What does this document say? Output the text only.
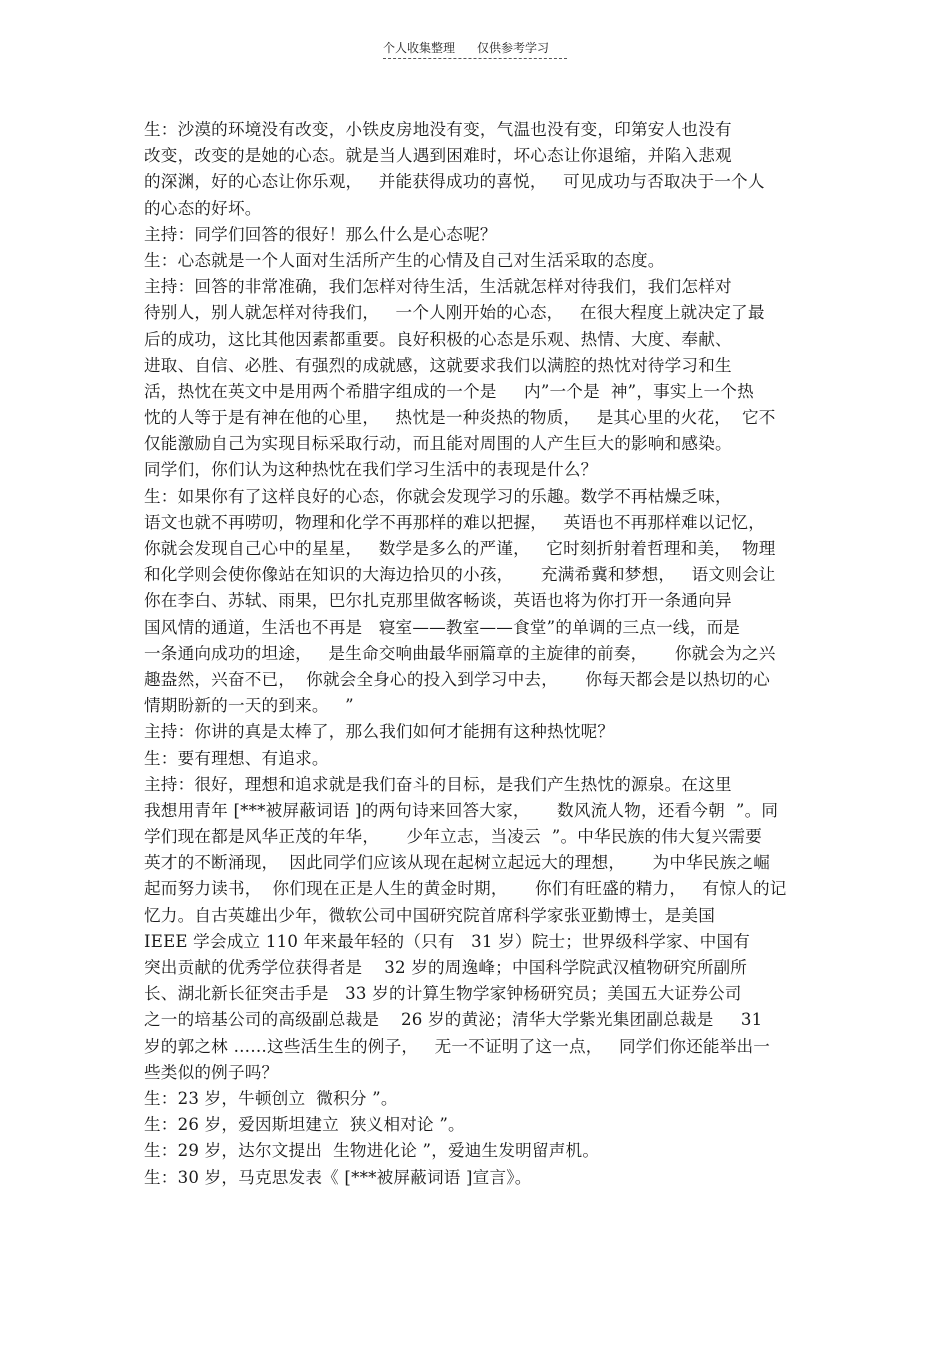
个人收集整理 仅供参考学习
生：沙漠的环境没有改变，小铁皮房地没有变，气温也没有变，印第安人也没有
改变，改变的是她的心态。就是当人遇到困难时，坏心态让你退缩，并陷入悲观
的深渊，好的心态让你乐观，   并能获得成功的喜悦，   可见成功与否取决于一个人
的心态的好坏。
主持：同学们回答的很好！那么什么是心态呢？
生：心态就是一个人面对生活所产生的心情及自己对生活采取的态度。
主持：回答的非常准确，我们怎样对待生活，生活就怎样对待我们，我们怎样对
待别人，别人就怎样对待我们，   一个人刚开始的心态，   在很大程度上就决定了最
后的成功，这比其他因素都重要。良好积极的心态是乐观、热情、大度、奉献、
进取、自信、必胜、有强烈的成就感，这就要求我们以满腔的热忱对待学习和生
活，热忱在英文中是用两个希腊字组成的一个是     内”一个是  神”，事实上一个热
忱的人等于是有神在他的心里，   热忱是一种炎热的物质，   是其心里的火花，  它不
仅能激励自己为实现目标采取行动，而且能对周围的人产生巨大的影响和感染。
同学们，你们认为这种热忱在我们学习生活中的表现是什么？
生：如果你有了这样良好的心态，你就会发现学习的乐趣。数学不再枯燥乏味，
语文也就不再唠叨，物理和化学不再那样的难以把握，   英语也不再那样难以记忆，
你就会发现自己心中的星星，   数学是多么的严谨，   它时刻折射着哲理和美，  物理
和化学则会使你像站在知识的大海边拾贝的小孩，     充满希冀和梦想，   语文则会让
你在李白、苏轼、雨果，巴尔扎克那里做客畅谈，英语也将为你打开一条通向异
国风情的通道，生活也不再是   寝室——教室——食堂”的单调的三点一线，而是
一条通向成功的坦途，   是生命交响曲最华丽篇章的主旋律的前奏，     你就会为之兴
趣盎然，兴奋不已，  你就会全身心的投入到学习中去，     你每天都会是以热切的心
情期盼新的一天的到来。   ”
主持：你讲的真是太棒了，那么我们如何才能拥有这种热忱呢？
生：要有理想、有追求。
主持：很好，理想和追求就是我们奋斗的目标，是我们产生热忱的源泉。在这里
我想用青年 [***被屏蔽词语 ]的两句诗来回答大家，     数风流人物，还看今朝  ”。同
学们现在都是风华正茂的年华，     少年立志，当凌云  ”。中华民族的伟大复兴需要
英才的不断涌现，  因此同学们应该从现在起树立起远大的理想，     为中华民族之崛
起而努力读书，  你们现在正是人生的黄金时期，     你们有旺盛的精力，   有惊人的记
忆力。自古英雄出少年，微软公司中国研究院首席科学家张亚勤博士，是美国
IEEE 学会成立 110 年来最年轻的（只有   31 岁）院士；世界级科学家、中国有
突出贡献的优秀学位获得者是    32 岁的周逸峰；中国科学院武汉植物研究所副所
长、湖北新长征突击手是   33 岁的计算生物学家钟杨研究员；美国五大证券公司
之一的培基公司的高级副总裁是    26 岁的黄泌；清华大学紫光集团副总裁是     31
岁的郭之林 ……这些活生生的例子，   无一不证明了这一点，   同学们你还能举出一
些类似的例子吗？
生：23 岁，牛顿创立  微积分 ”。
生：26 岁，爱因斯坦建立  狭义相对论 ”。
生：29 岁，达尔文提出  生物进化论 ”，爱迪生发明留声机。
生：30 岁，马克思发表《 [***被屏蔽词语 ]宣言》。
